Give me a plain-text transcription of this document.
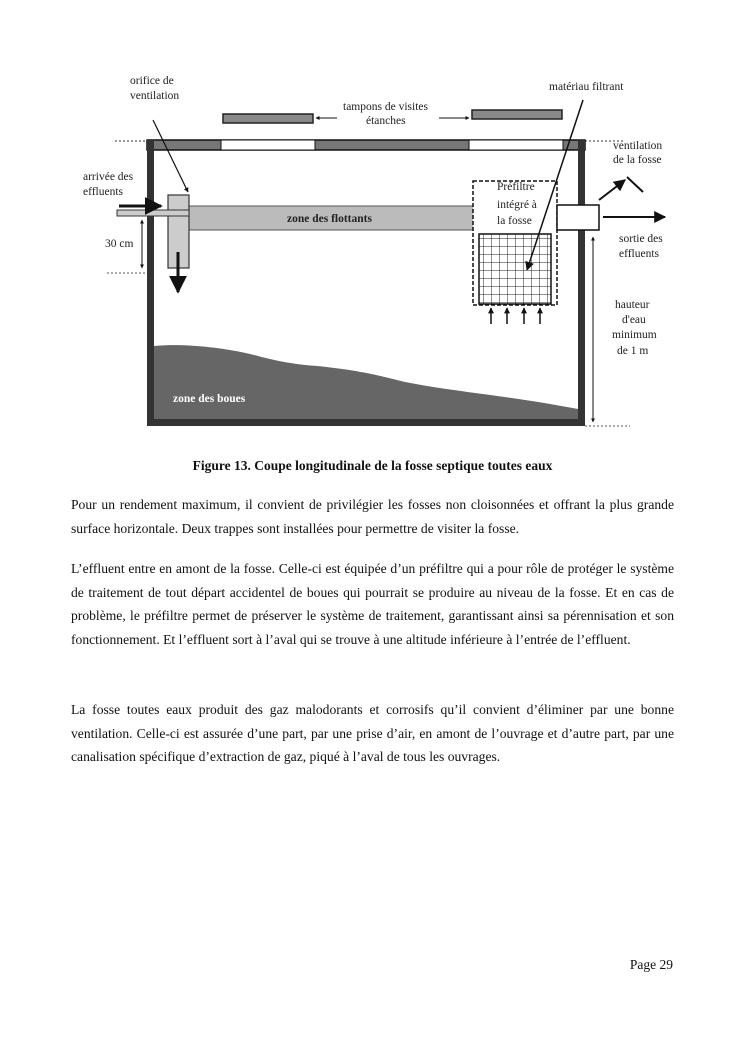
zone des flottants
Préfiltre
intégré à
la fosse
zone des boues
orifice de
ventilation
tampons de visites
étanches
matériau filtrant
ventilation
de la fosse
arrivée des
effluents
30 cm	sortie des
effluents
hauteur
d'eau
minimum
de 1 m
Figure 13. Coupe longitudinale de la fosse septique toutes eaux

Pour un rendement maximum, il convient de privilégier les fosses non cloisonnées et offrant la plus grande surface horizontale. Deux trappes sont installées pour permettre de visiter la fosse.

L’effluent entre en amont de la fosse. Celle-ci est équipée d’un préfiltre qui a pour rôle de protéger le système de traitement de tout départ accidentel de boues qui pourrait se produire au niveau de la fosse. Et en cas de problème, le préfiltre permet de préserver le système de traitement, garantissant ainsi sa pérennisation et son fonctionnement. Et l’effluent sort à l’aval qui se trouve à une altitude inférieure à l’entrée de l’effluent.

La fosse toutes eaux produit des gaz malodorants et corrosifs qu’il convient d’éliminer par une bonne ventilation. Celle-ci est assurée d’une part, par une prise d’air, en amont de l’ouvrage et d’autre part, par une canalisation spécifique d’extraction de gaz, piqué à l’aval de tous les ouvrages.

Page 29
